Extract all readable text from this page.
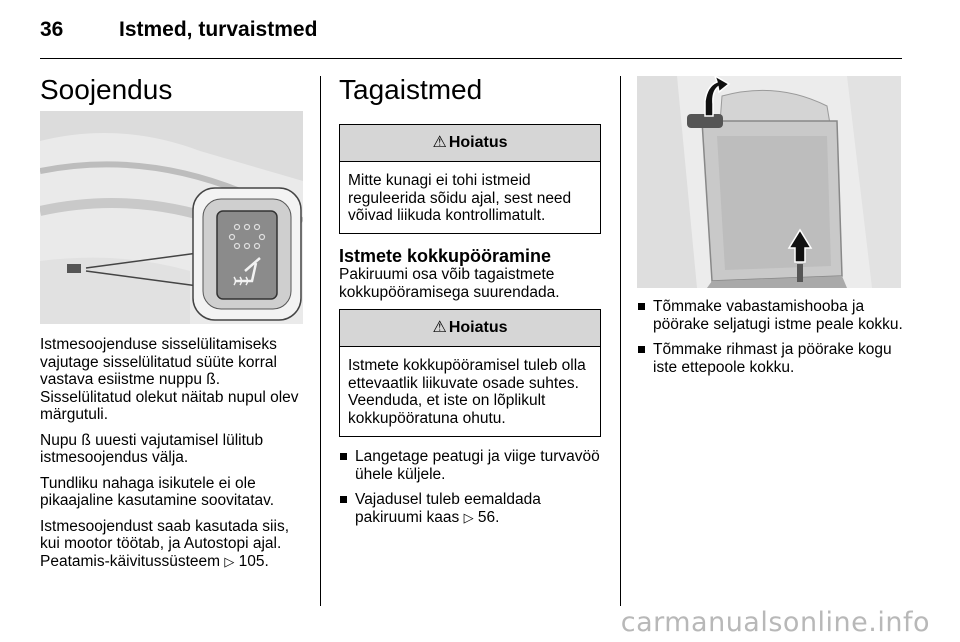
36	Istmed, turvaistmed
Soojendus

Istmesoojenduse sisselülitamiseks vajutage sisselülitatud süüte korral vastava esiistme nuppu ß. Sisselülitatud olekut näitab nupul olev märgutuli.

Nupu ß uuesti vajutamisel lülitub istmesoojendus välja.

Tundliku nahaga isikutele ei ole pikaajaline kasutamine soovitatav.

Istmesoojendust saab kasutada siis, kui mootor töötab, ja Autostopi ajal. Peatamis-käivitussüsteem ▷ 105.

Tagaistmed
⚠ Hoiatus
Mitte kunagi ei tohi istmeid reguleerida sõidu ajal, sest need võivad liikuda kontrollimatult.
Istmete kokkupööramine

Pakiruumi osa võib tagaistmete kokkupööramisega suurendada.

⚠ Hoiatus
Istmete kokkupööramisel tuleb olla ettevaatlik liikuvate osade suhtes. Veenduda, et iste on lõplikult kokkupööratuna ohutu.
Langetage peatugi ja viige turvavöö ühele küljele.
Vajadusel tuleb eemaldada pakiruumi kaas ▷ 56.
Tõmmake vabastamishooba ja pöörake seljatugi istme peale kokku.
Tõmmake rihmast ja pöörake kogu iste ettepoole kokku.
carmanualsonline.info
